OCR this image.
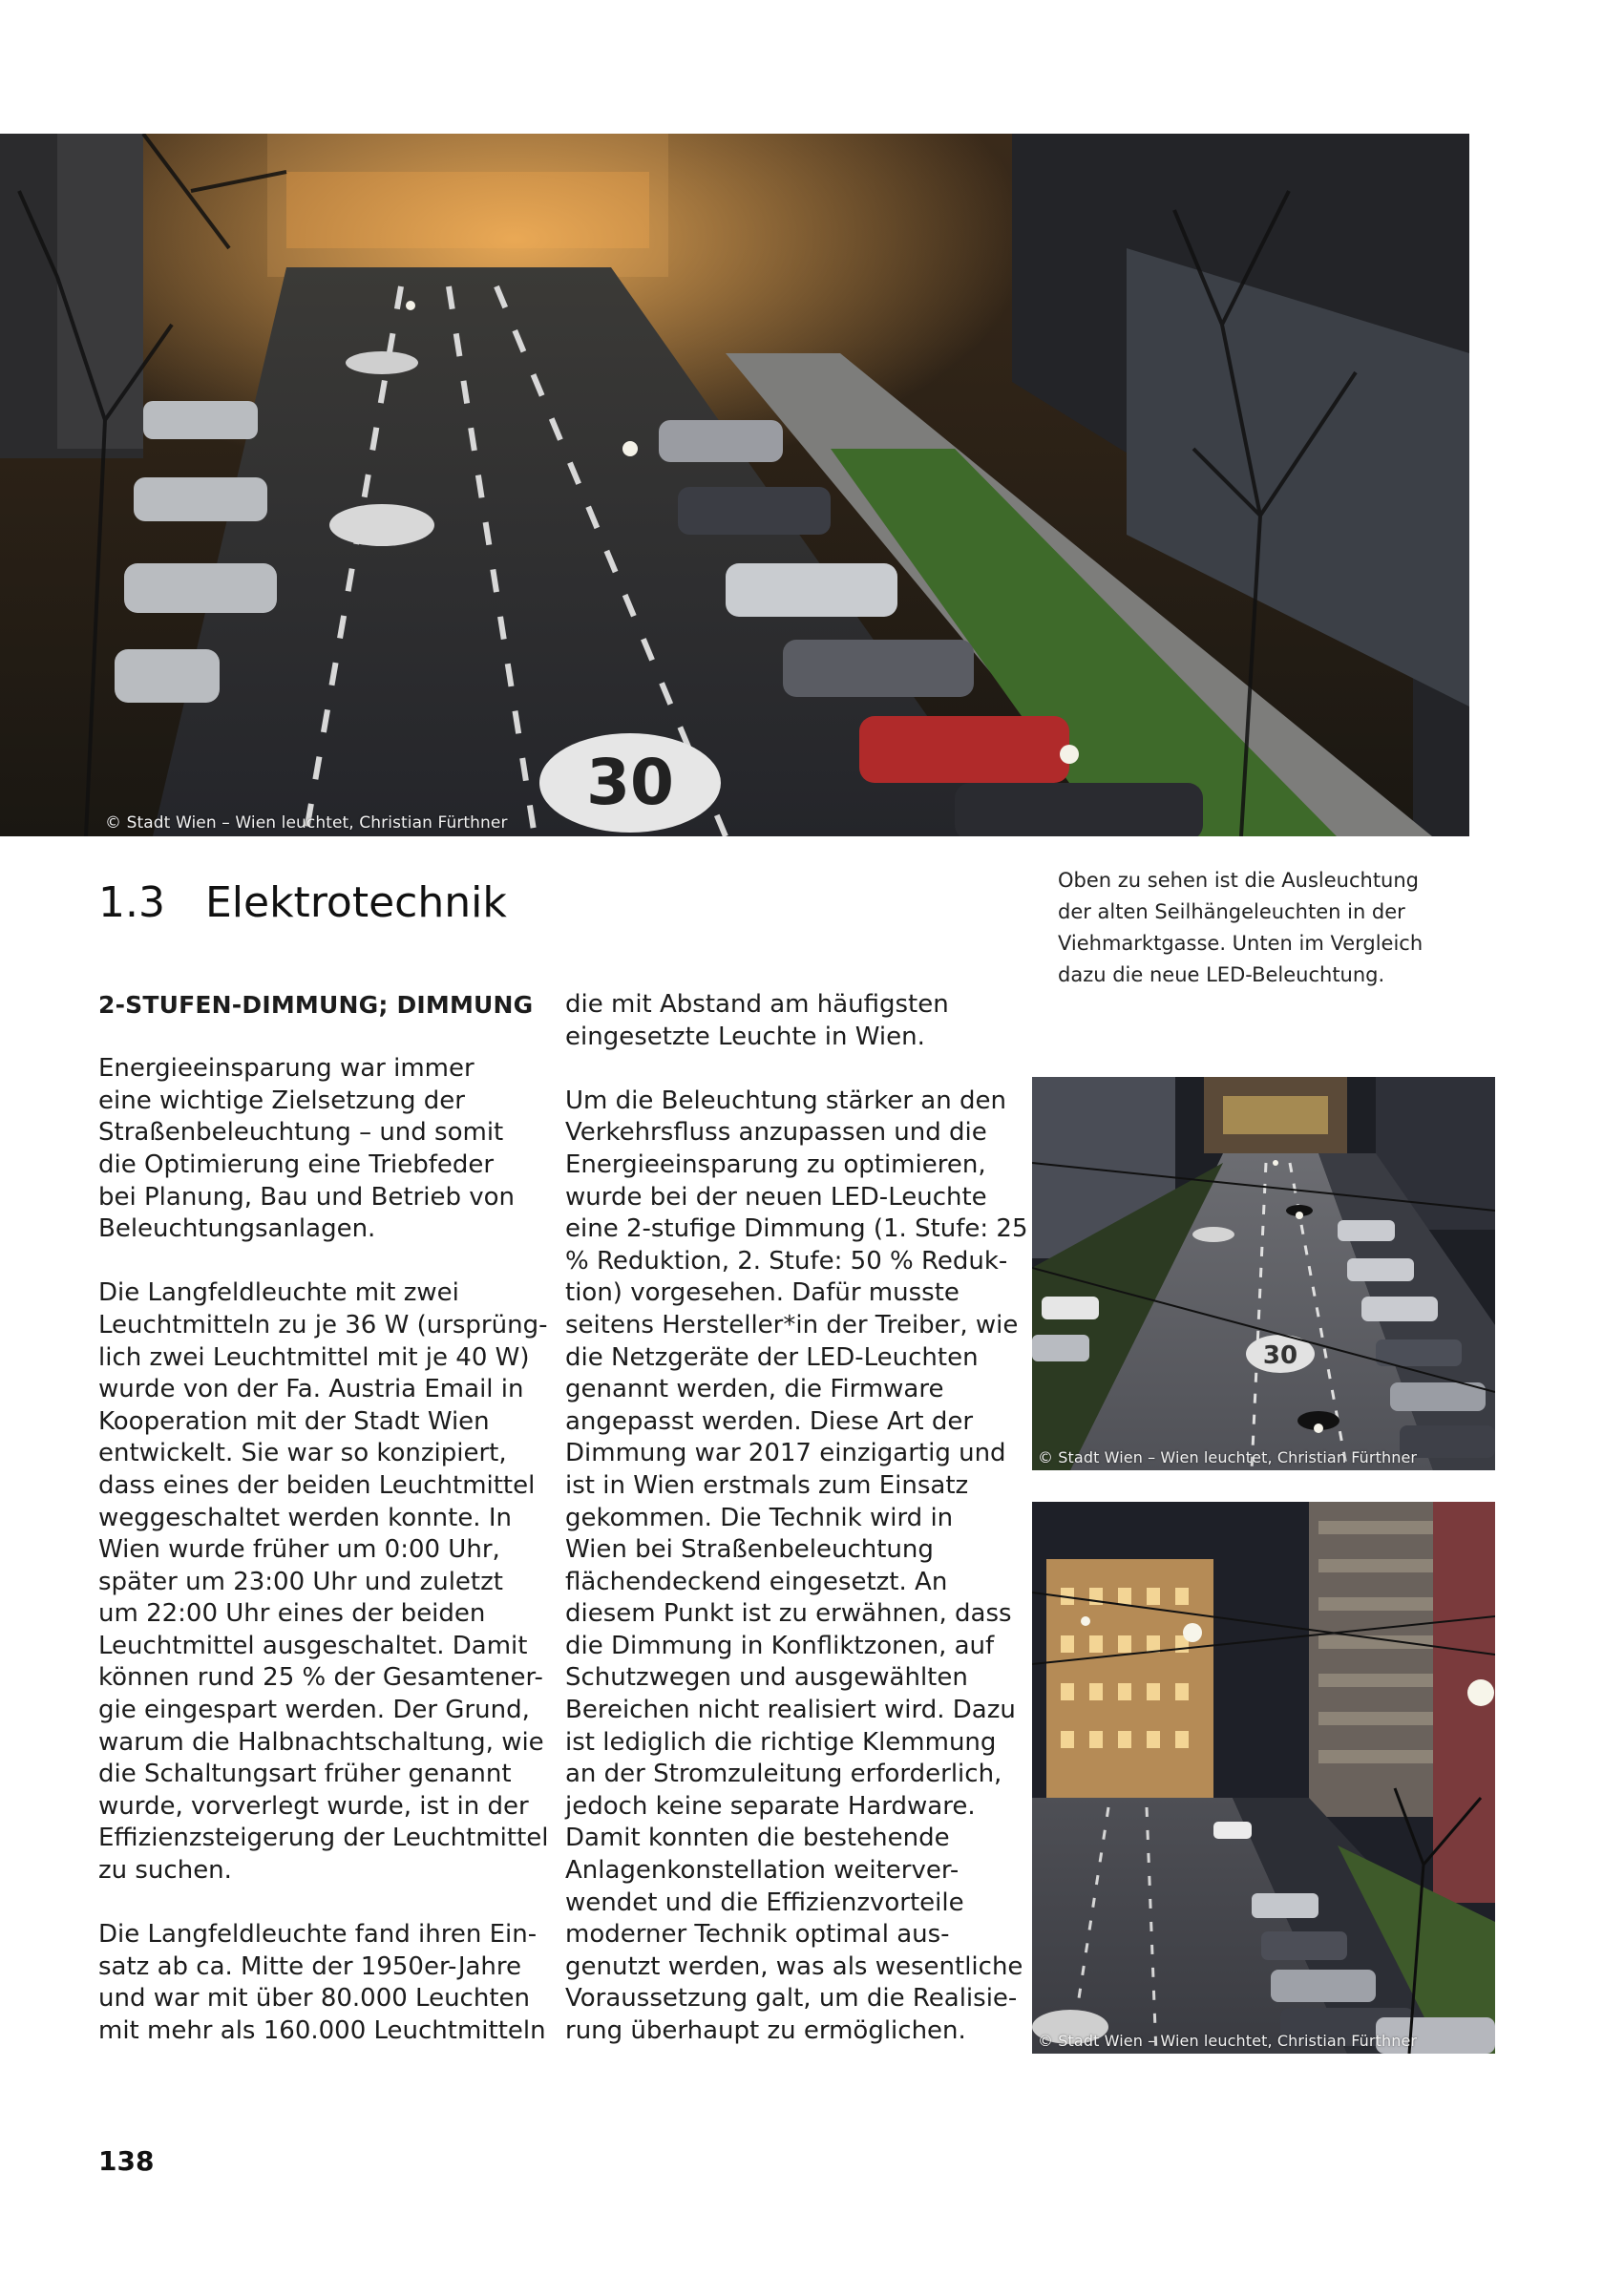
30
© Stadt Wien – Wien leuchtet, Christian Fürthner
1.3 Elektrotechnik	Oben zu sehen ist die Ausleuchtung
der alten Seilhängeleuchten in der
Viehmarktgasse. Unten im Vergleich
dazu die neue LED-Beleuchtung.
2-STUFEN-DIMMUNG; DIMMUNG
Energieeinsparung war immer
eine wichtige Zielsetzung der
Straßenbeleuchtung – und somit
die Optimierung eine Triebfeder
bei Planung, Bau und Betrieb von
Beleuchtungsanlagen.
Die Langfeldleuchte mit zwei
Leuchtmitteln zu je 36 W (ursprüng-
lich zwei Leuchtmittel mit je 40 W)
wurde von der Fa. Austria Email in
Kooperation mit der Stadt Wien
entwickelt. Sie war so konzipiert,
dass eines der beiden Leuchtmittel
weggeschaltet werden konnte. In
Wien wurde früher um 0:00 Uhr,
später um 23:00 Uhr und zuletzt
um 22:00 Uhr eines der beiden
Leuchtmittel ausgeschaltet. Damit
können rund 25 % der Gesamtener-
gie eingespart werden. Der Grund,
warum die Halbnachtschaltung, wie
die Schaltungsart früher genannt
wurde, vorverlegt wurde, ist in der
Effizienzsteigerung der Leuchtmittel
zu suchen.
Die Langfeldleuchte fand ihren Ein-
satz ab ca. Mitte der 1950er-Jahre
und war mit über 80.000 Leuchten
mit mehr als 160.000 Leuchtmitteln
die mit Abstand am häufigsten
eingesetzte Leuchte in Wien.
Um die Beleuchtung stärker an den
Verkehrsfluss anzupassen und die
Energieeinsparung zu optimieren,
wurde bei der neuen LED-Leuchte
eine 2-stufige Dimmung (1. Stufe: 25
% Reduktion, 2. Stufe: 50 % Reduk-
tion) vorgesehen. Dafür musste
seitens Hersteller*in der Treiber, wie
die Netzgeräte der LED-Leuchten
genannt werden, die Firmware
angepasst werden. Diese Art der
Dimmung war 2017 einzigartig und
ist in Wien erstmals zum Einsatz
gekommen. Die Technik wird in
Wien bei Straßenbeleuchtung
flächendeckend eingesetzt. An
diesem Punkt ist zu erwähnen, dass
die Dimmung in Konfliktzonen, auf
Schutzwegen und ausgewählten
Bereichen nicht realisiert wird. Dazu
ist lediglich die richtige Klemmung
an der Stromzuleitung erforderlich,
jedoch keine separate Hardware.
Damit konnten die bestehende
Anlagenkonstellation weiterver-
wendet und die Effizienzvorteile
moderner Technik optimal aus-
genutzt werden, was als wesentliche
Voraussetzung galt, um die Realisie-
rung überhaupt zu ermöglichen.
30
© Stadt Wien – Wien leuchtet, Christian Fürthner
© Stadt Wien – Wien leuchtet, Christian Fürthner
138
